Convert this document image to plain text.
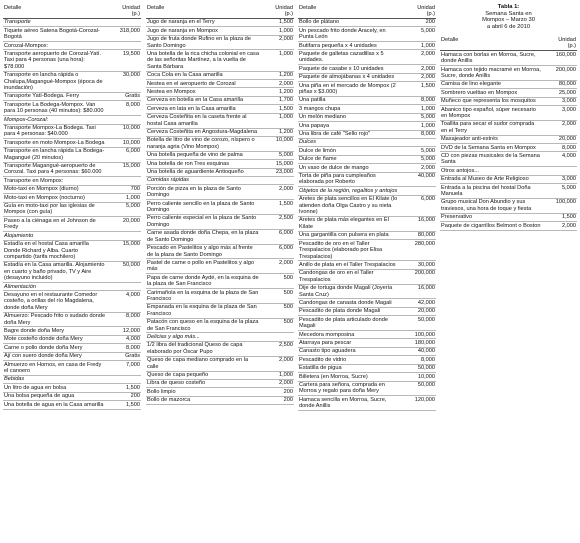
Detalle	Unidad
(p.)
Transporte	
Tiquete aéreo Satena Bogotá-Corozal-Bogotá	318,000
Corozal-Mompox:	
Transporte aeropuerto de Corozal-Yatí. Taxi para 4 personas (una hora): $78.000	19,500
Transporte en lancha rápida o Chalupa,Magangué-Mompox (época de inundación)	30,000
Transporte Yatí-Bodega. Ferry	Gratis
Transporte La Bodega-Mompox. Van para 10 personas (40 minutos): $80.000	8,000
Mompox-Corozal:	
Transporte Mompox-La Bodega. Taxi para 4 personas: $40.000	10,000
Transporte en moto Mompox-La Bodega	10,000
Transporte en lancha rápida La Bodega-Magangué (20 minutos)	6,000
Transporte Magangué-aeropuerto de Corozal. Taxi para 4 personas: $60.000	15,000
Transporte en Mompox:	
Moto-taxi en Mompox (diurno)	700
Moto-taxi en Mompox (nocturno)	1,000
Guía en moto-taxi por las iglesias de Mompox (con guía)	5,000
Paseo a la ciénaga en el Johnson de Fredy	20,000
Alojamiento	
Estadía en el hostal Casa amarilla Donde Richard y Alba. Cuarto compartido (tarifa mochilero)	15,000
Estadía en la Casa amarilla. Alojamiento en cuarto y baño privado, TV y Aire (desayuno incluido)	50,000
Alimentación	
Desayuno en el restaurante Comedor costeño, a orillas del río Magdalena, donde doña Mery	4,000
Almuerzo: Pescado frito o sudado donde doña Mery	8,000
Bagre donde doña Mery	12,000
Mote costeño donde doña Mery	4,000
Carne o pollo donde doña Mery	8,000
Ají con suero donde doña Mery	Gratis
Almuerzo en Hornos, en casa de Fredy el canoero	7,000
Bebidas	
Un litro de agua en bolsa	1,500
Una bolsa pequeña de agua	200
Una botella de agua en la Casa amarilla	1,500
Detalle	Unidad
(p.)
Jugo de naranja en el Terry	1,500
Jugo de naranja en Mompox	1,000
Jugo de fruta donde Rufino en la plaza de Santo Domingo	2,000
Una botella de la rica chicha colonial en casa de las señoritas Martínez, a la vuelta de Santa Bárbara	1,000
Coca Cola en la Casa amarilla	1,200
Nestea en el aeropuerto de Corozal	2,000
Nestea en Mompox	1,200
Cerveza en botella en la Casa amarilla	1,700
Cerveza en lata en la Casa amarilla	1,500
Cerveza Costeñita en la caseta frente al hostal Casa amarilla	1,000
Cerveza Costeñita en Angostura-Magdalena	1,200
Botella de litro de vino de corozo, níspero o naranja agria (Vino Mompox)	10,000
Una botella pequeña de vino de palma	5,000
Una botella de ron Tres esquinas	15,000
Una botella de aguardiente Antioqueño	23,000
Comidas rápidas	
Porción de pizza en la plaza de Santo Domingo	2,000
Perro caliente sencillo en la plaza de Santo Domingo	1,500
Perro caliente especial en la plaza de Santo Domingo	2,500
Carne asada donde doña Chepa, en la plaza de Santo Domingo	6,000
Pescado en Pastelitos y algo más al frente de la plaza de Santo Domingo	6,000
Pastel de carne o pollo en Pastelitos y algo más	2,000
Papa de carne donde Aydé, en la esquina de la plaza de San Francisco	500
Carimañola en la esquina de la plaza de San Francisco	500
Empanada en la esquina de la plaza de San Francisco	500
Patacón con queso en la esquina de la plaza de San Francisco	500
Delicias y algo más...	
1/2 libra del tradicional Queso de capa elaborado por Óscar Pupo	2,500
Queso de capa mediano comprado en la calle	2,000
Queso de capa pequeño	1,000
Libra de queso costeño	2,000
Bollo limpio	200
Bollo de mazorca	200
Detalle	Unidad
(p.)
Bollo de plátano	200
Un pescado frito donde Aracely, en Punta León	5,000
Butifarra pequeña x 4 unidades	1,000
Paquete de galletas cazadillas x 5 unidades.	2,000
Paquete de casabe x 10 unidades	2,000
Paquete de almojábanas x 4 unidades	2,000
Una piña en el mercado de Mompox (2 piñas x $3.000)	1,500
Una patilla	8,000
3 mangos chupa	1,000
Un melón mediano	5,000
Una papaya	1,000
Una libra de café "Sello rojo"	8,000
Dulces	
Dulce de limón	5,000
Dulce de ñame	5,000
Un vaso de dulce de mango	2,000
Torta de piña para cumpleaños elaborada por Roberto	40,000
Objetos de la región, regalitos y antojos	
Aretes de plata sencillos en El Kilate (lo atienden doña Olga Castro y su nieta Ivonne)	6,000
Aretes de plata más elegantes en El Kilate	16,000
Una gargantilla con pulsera en plata	80,000
Pescadito de oro en el Taller Trespalacios (elaborado por Elisa Trespalacios)	280,000
Anillo de plata en el Taller Trespalacios	30,000
Candongas de oro en el Taller Trespalacios	200,000
Dije de tortuga donde Magali (Joyería Santa Cruz)	16,000
Candongas de canasta donde Magali	42,000
Pescadito de plata donde Magali	20,000
Pescadito de plata articulado donde Magali	50,000
Mecedora momposina	100,000
Atarraya para pescar	180,000
Canasto tipo aguadera	40,000
Pescadito de vidrio	8,000
Estatilla de pigua	50,000
Billetera (en Morroa, Sucre)	10,000
Cartera para señora, comprada en Morroa y regalo para doña Mery	50,000
Hamaca sencilla en Morroa, Sucre, donde Anillis	120,000
Tabla 1:
Semana Santa en
Mompox – Marzo 30
a abril 6 de 2010
Detalle	Unidad
(p.)
Hamaca con borlas en Morroa, Sucre, donde Anillis	160,000
Hamaca con tejido macramé en Morroa, Sucre, donde Anillis	200,000
Camisa de lino elegante	80,000
Sombrero vueltiao en Mompox	25,000
Muñeco que representa los mosquitos	3,000
Abanico tipo español, súper necesario en Mompox	3,000
Toallita para secar el sudor comprada en el Terry	2,000
Masajeador anti-estrés	20,000
DVD de la Semana Santa en Mompox	8,000
CD con piezas musicales de la Semana Santa	4,000
Otros antojos...	
Entrada al Museo de Arte Religioso	3,000
Entrada a la piscina del hostal Doña Manuela	5,000
Grupo musical Don Abundio y sus traviesos, una hora de toque y fiesta	100,000
Preservativo	1,500
Paquete de cigarrillos Belmont o Boston	2,000
